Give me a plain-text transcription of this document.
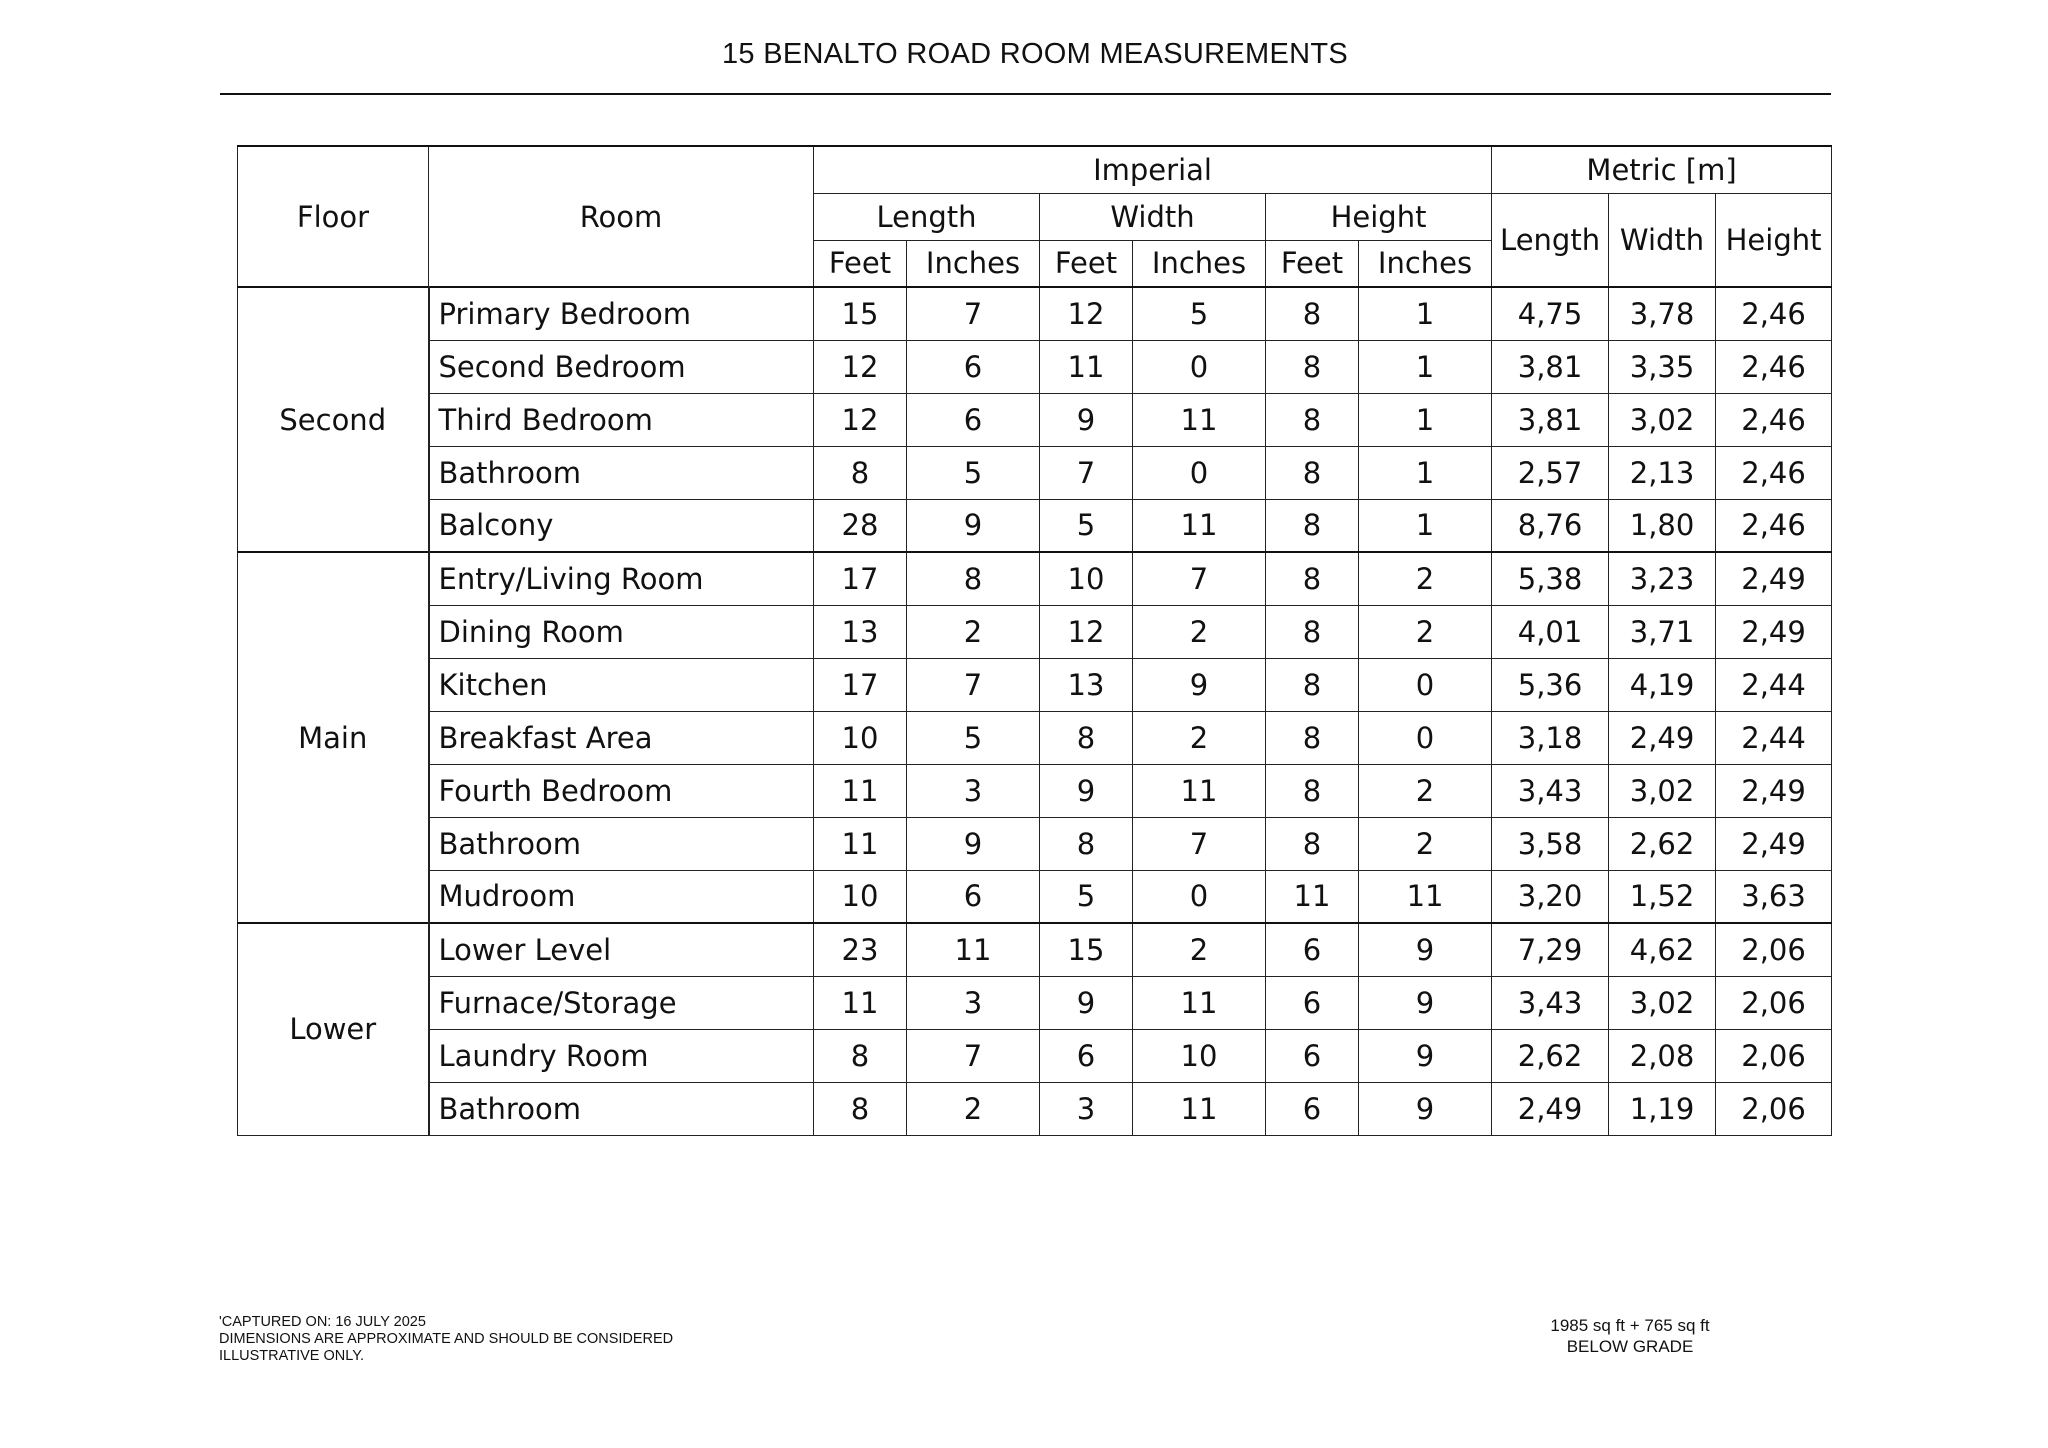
15 BENALTO ROAD ROOM MEASUREMENTS
Floor	Room	Imperial						Metric [m]		
		Length		Width		Height		Length	Width	Height
		Feet	Inches	Feet	Inches	Feet	Inches			
Second	Primary Bedroom	15	7	12	5	8	1	4,75	3,78	2,46
	Second Bedroom	12	6	11	0	8	1	3,81	3,35	2,46
	Third Bedroom	12	6	9	11	8	1	3,81	3,02	2,46
	Bathroom	8	5	7	0	8	1	2,57	2,13	2,46
	Balcony	28	9	5	11	8	1	8,76	1,80	2,46
Main	Entry/Living Room	17	8	10	7	8	2	5,38	3,23	2,49
	Dining Room	13	2	12	2	8	2	4,01	3,71	2,49
	Kitchen	17	7	13	9	8	0	5,36	4,19	2,44
	Breakfast Area	10	5	8	2	8	0	3,18	2,49	2,44
	Fourth Bedroom	11	3	9	11	8	2	3,43	3,02	2,49
	Bathroom	11	9	8	7	8	2	3,58	2,62	2,49
	Mudroom	10	6	5	0	11	11	3,20	1,52	3,63
Lower	Lower Level	23	11	15	2	6	9	7,29	4,62	2,06
	Furnace/Storage	11	3	9	11	6	9	3,43	3,02	2,06
	Laundry Room	8	7	6	10	6	9	2,62	2,08	2,06
	Bathroom	8	2	3	11	6	9	2,49	1,19	2,06
'CAPTURED ON: 16 JULY 2025
DIMENSIONS ARE APPROXIMATE AND SHOULD BE CONSIDERED
ILLUSTRATIVE ONLY.
1985 sq ft + 765 sq ft
BELOW GRADE
